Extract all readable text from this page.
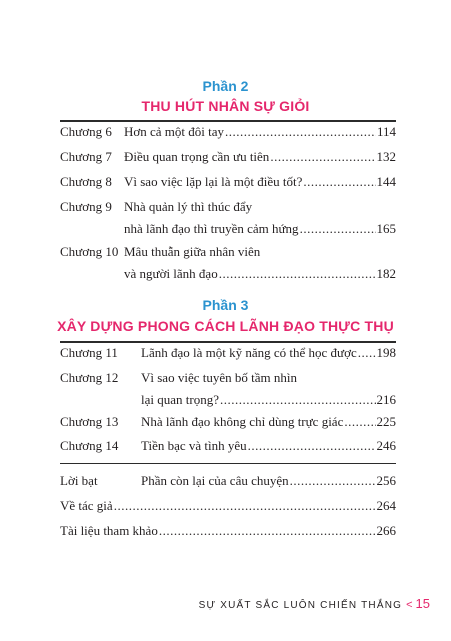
Phần 2
THU HÚT NHÂN SỰ GIỎI
Chương 6 Hơn cả một đôi tay .....	114
Chương 7 Điều quan trọng cần ưu tiên .....	132
Chương 8 Vì sao việc lặp lại là một điều tốt? .....	144
Chương 9 Nhà quản lý thì thúc đẩy
nhà lãnh đạo thì truyền cảm hứng .....	165
Chương 10 Mâu thuẫn giữa nhân viên
và người lãnh đạo .....	182
Phần 3
XÂY DỰNG PHONG CÁCH LÃNH ĐẠO THỰC THỤ
Chương 11	Lãnh đạo là một kỹ năng có thể học được ..... 198
Chương 12	Vì sao việc tuyên bố tầm nhìn
lại quan trọng? .....	216
Chương 13	Nhà lãnh đạo không chỉ dùng trực giác .....	225
Chương 14	Tiền bạc và tình yêu .....	246
Lời bạt	Phần còn lại của câu chuyện .....	256
Về tác giả .....	264
Tài liệu tham khảo .....	266
SỰ XUẤT SẮC LUÔN CHIẾN THẮNG < 15
